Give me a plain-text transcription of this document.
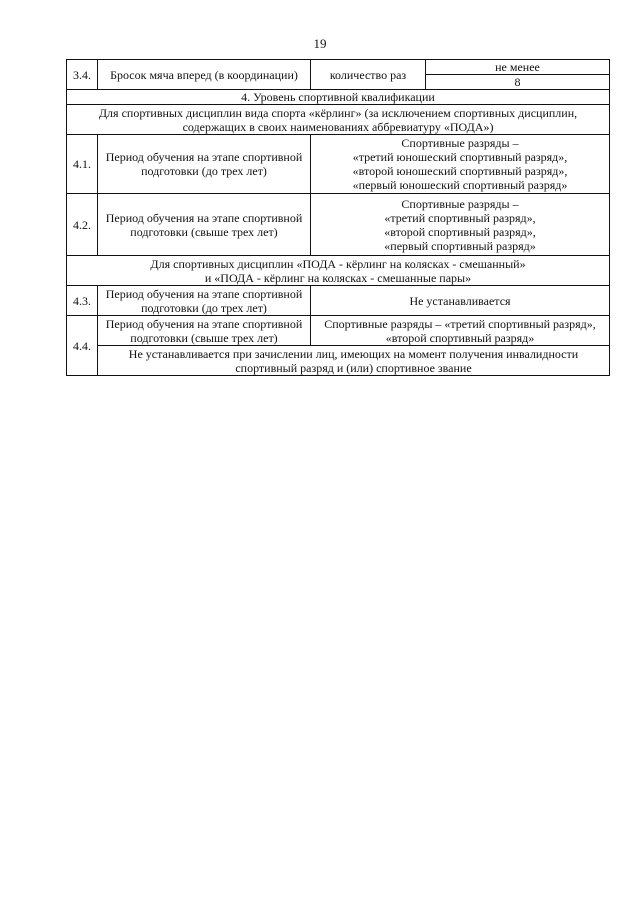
19
3.4.	Бросок мяча вперед (в координации)	количество раз	не менее
			8
4. Уровень спортивной квалификации			
Для спортивных дисциплин вида спорта «кёрлинг» (за исключением спортивных дисциплин, содержащих в своих наименованиях аббревиатуру «ПОДА»)			
4.1.	Период обучения на этапе спортивной подготовки (до трех лет)	Спортивные разряды –
«третий юношеский спортивный разряд»,
«второй юношеский спортивный разряд»,
«первый юношеский спортивный разряд»	

4.2.	Период обучения на этапе спортивной подготовки (свыше трех лет)	Спортивные разряды –
«третий спортивный разряд»,
«второй спортивный разряд»,
«первый спортивный разряд»	

Для спортивных дисциплин «ПОДА - кёрлинг на колясках - смешанный»
и «ПОДА - кёрлинг на колясках - смешанные пары»			

4.3.	Период обучения на этапе спортивной подготовки (до трех лет)	Не устанавливается	
4.4.	Период обучения на этапе спортивной подготовки (свыше трех лет)	Спортивные разряды – «третий спортивный разряд», «второй спортивный разряд»	
	Не устанавливается при зачислении лиц, имеющих на момент получения инвалидности спортивный разряд и (или) спортивное звание		
